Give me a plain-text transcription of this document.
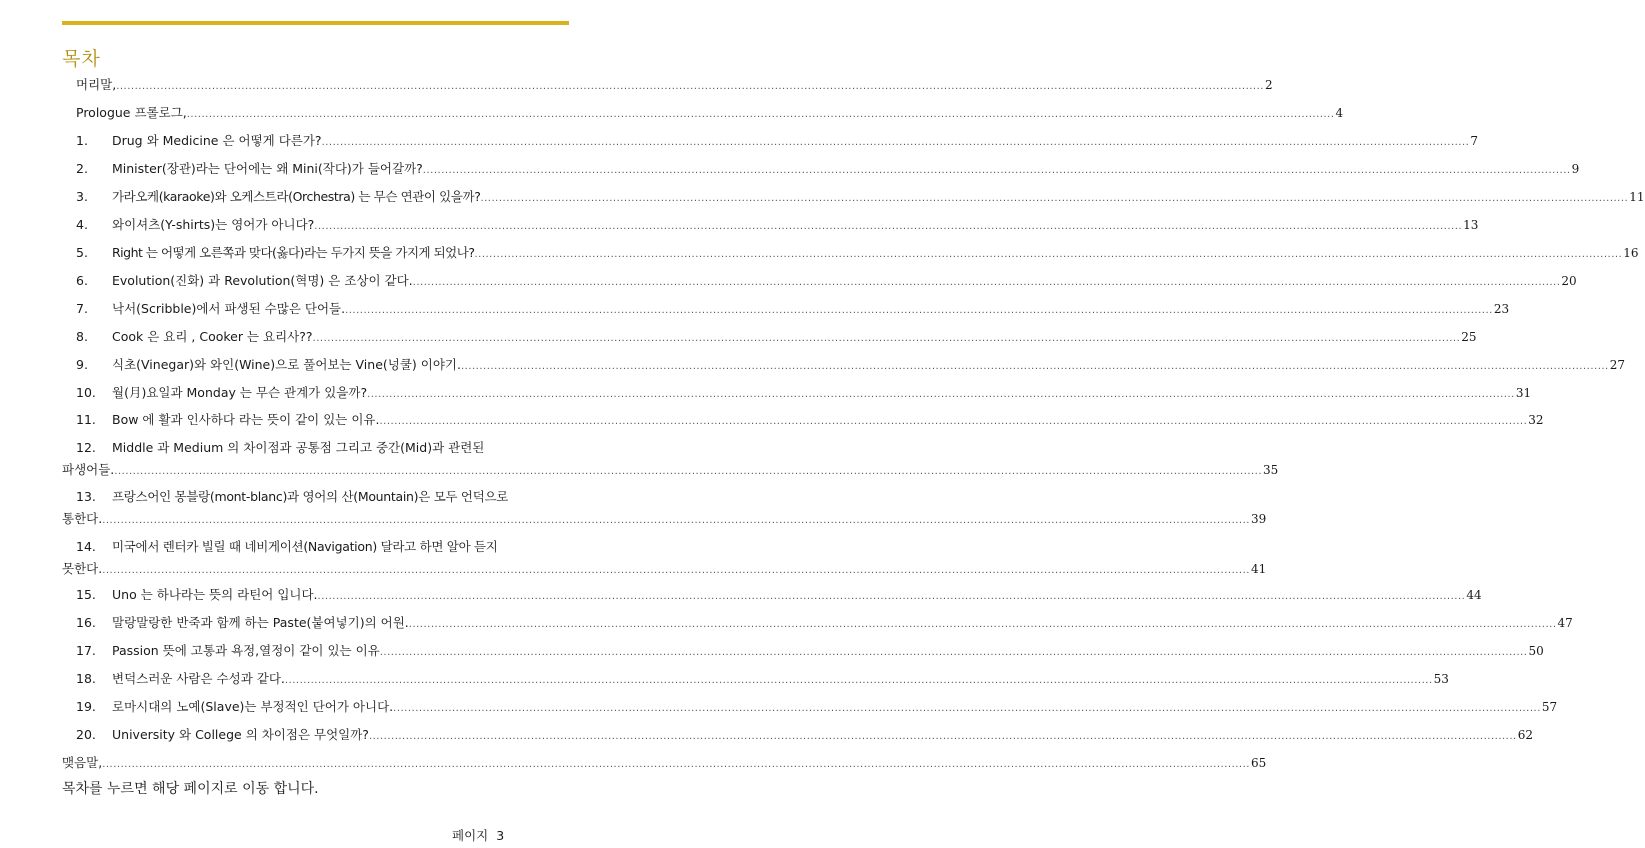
목차
머리말, .....	2
Prologue 프롤로그, .....	4
1.	Drug 와 Medicine 은 어떻게 다른가? .....	7
2.	Minister(장관)라는 단어에는 왜 Mini(작다)가 들어갈까? .....	9
3.	가라오케(karaoke)와 오케스트라(Orchestra) 는 무슨 연관이 있을까? .....	11
4.	와이셔츠(Y-shirts)는 영어가 아니다? .....	13
5.	Right 는 어떻게 오른쪽과 맞다(옳다)라는 두가지 뜻을 가지게 되었나? .....	16
6.	Evolution(진화) 과 Revolution(혁명) 은 조상이 같다. .....	20
7.	낙서(Scribble)에서 파생된 수많은 단어들. .....	23
8.	Cook 은 요리 , Cooker 는 요리사?? .....	25
9.	식초(Vinegar)와 와인(Wine)으로 풀어보는 Vine(넝쿨) 이야기. .....	27
10.	월(月)요일과 Monday 는 무슨 관계가 있을까? .....	31
11.	Bow 에 활과 인사하다 라는 뜻이 같이 있는 이유. .....	32
12.	Middle 과 Medium 의 차이점과 공통점 그리고 중간(Mid)과 관련된
파생어들. .....	35
13.	프랑스어인 몽블랑(mont-blanc)과 영어의 산(Mountain)은 모두 언덕으로
통한다. .....	39
14.	미국에서 렌터카 빌릴 때 네비게이션(Navigation) 달라고 하면 알아 듣지
못한다. .....	41
15.	Uno 는 하나라는 뜻의 라틴어 입니다. .....	44
16.	말랑말랑한 반죽과 함께 하는 Paste(붙여넣기)의 어원. .....	47
17.	Passion 뜻에 고통과 욕정,열정이 같이 있는 이유 .....	50
18.	변덕스러운 사람은 수성과 같다. .....	53
19.	로마시대의 노예(Slave)는 부정적인 단어가 아니다. .....	57
20.	University 와 College 의 차이점은 무엇일까? .....	62
맺음말, .....	65
목차를 누르면 해당 페이지로 이동 합니다.
페이지 3
